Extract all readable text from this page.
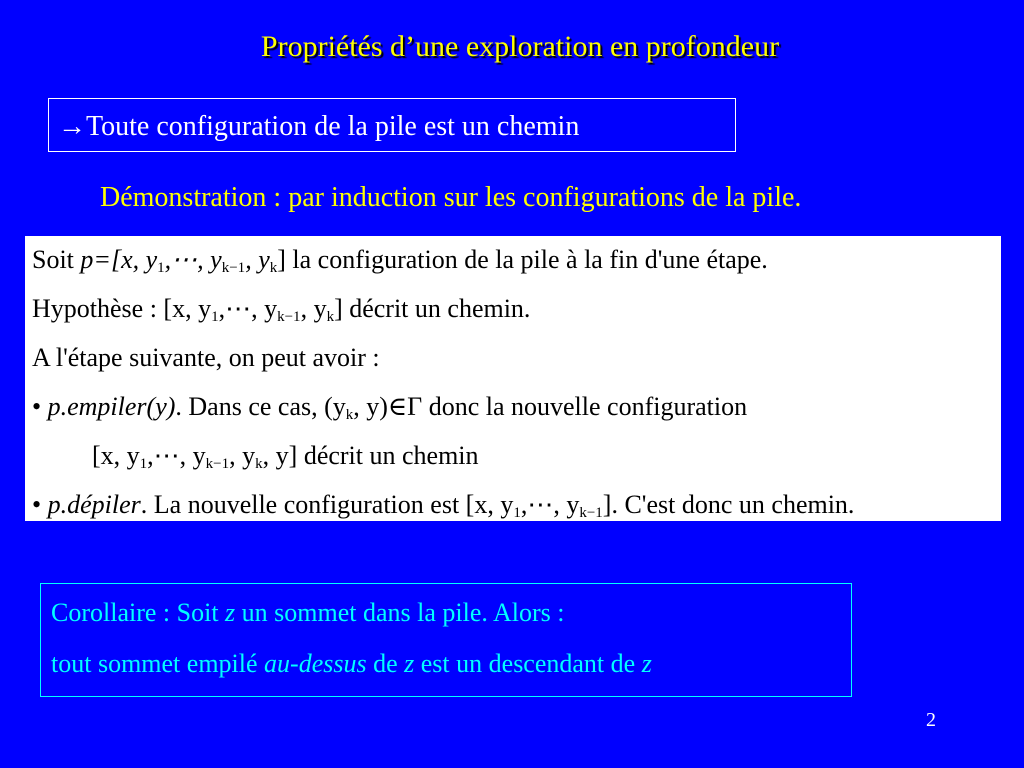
Propriétés d’une exploration en profondeur
→Toute configuration de la pile est un chemin
Démonstration : par induction sur les configurations de la pile.
Soit p=[x, $y_1,\cdots$, $y_{k-1}$, $y_k$] la configuration de la pile à la fin d'une étape.
Hypothèse : [x, $y_1,\cdots$, $y_{k-1}$, $y_k$] décrit un chemin.
A l'étape suivante, on peut avoir :
• p.empiler(y). Dans ce cas, ($y_k$, y)∈Γ donc la nouvelle configuration
[x, $y_1,\cdots$, $y_{k-1}$, $y_k$, y] décrit un chemin
• p.dépiler. La nouvelle configuration est [x, $y_1,\cdots$, $y_{k-1}$]. C'est donc un chemin.
Corollaire : Soit z un sommet dans la pile. Alors :
tout sommet empilé au-dessus de z est un descendant de z
2
